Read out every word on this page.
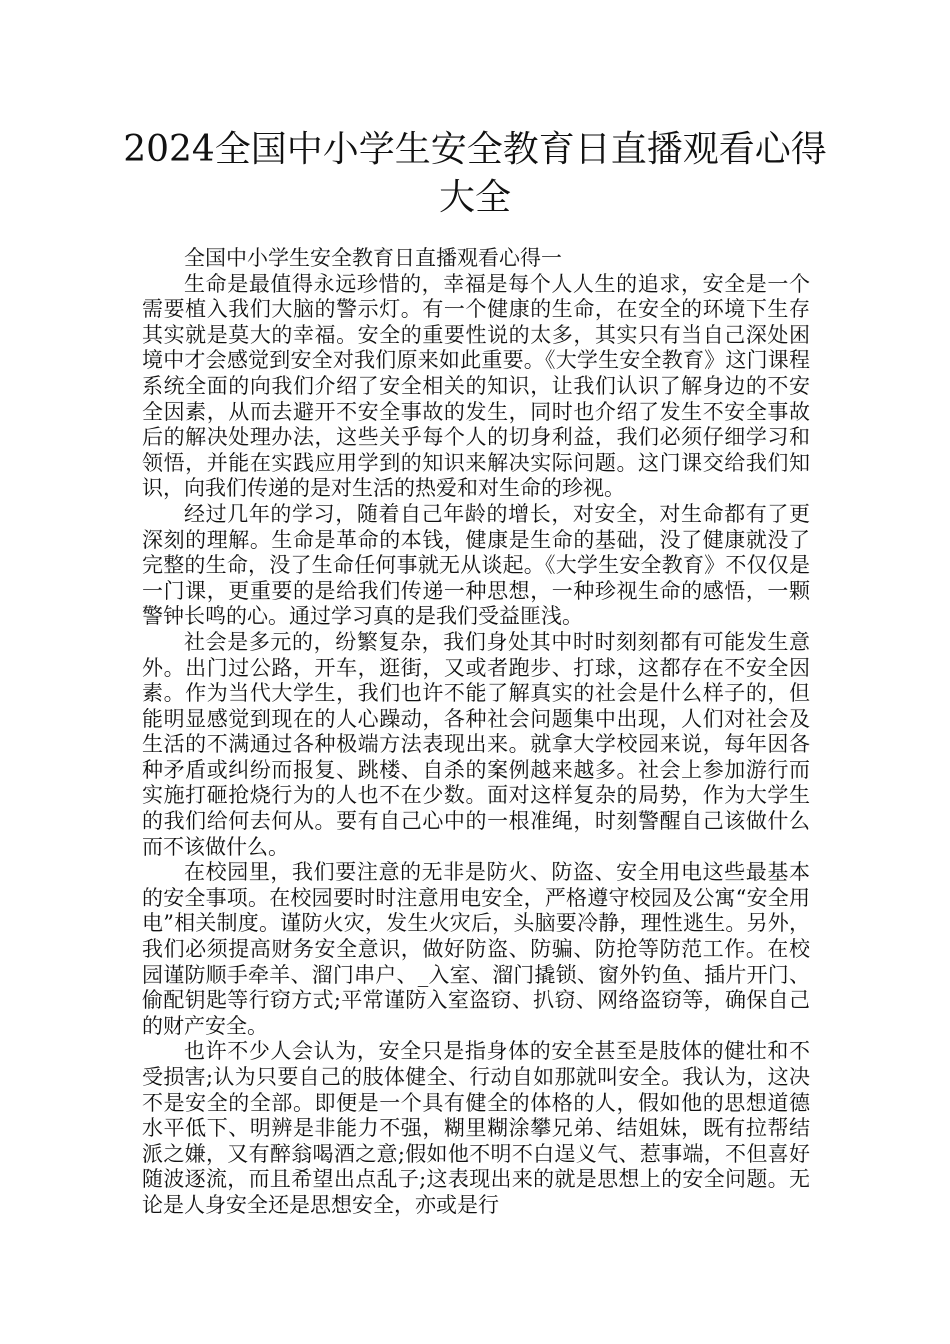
2024全国中小学生安全教育日直播观看心得大全

全国中小学生安全教育日直播观看心得一

生命是最值得永远珍惜的，幸福是每个人人生的追求，安全是一个需要植入我们大脑的警示灯。有一个健康的生命，在安全的环境下生存其实就是莫大的幸福。安全的重要性说的太多，其实只有当自己深处困境中才会感觉到安全对我们原来如此重要。《大学生安全教育》这门课程系统全面的向我们介绍了安全相关的知识，让我们认识了解身边的不安全因素，从而去避开不安全事故的发生，同时也介绍了发生不安全事故后的解决处理办法，这些关乎每个人的切身利益，我们必须仔细学习和领悟，并能在实践应用学到的知识来解决实际问题。这门课交给我们知识，向我们传递的是对生活的热爱和对生命的珍视。

经过几年的学习，随着自己年龄的增长，对安全，对生命都有了更深刻的理解。生命是革命的本钱，健康是生命的基础，没了健康就没了完整的生命，没了生命任何事就无从谈起。《大学生安全教育》不仅仅是一门课，更重要的是给我们传递一种思想，一种珍视生命的感悟，一颗警钟长鸣的心。通过学习真的是我们受益匪浅。

社会是多元的，纷繁复杂，我们身处其中时时刻刻都有可能发生意外。出门过公路，开车，逛街，又或者跑步、打球，这都存在不安全因素。作为当代大学生，我们也许不能了解真实的社会是什么样子的，但能明显感觉到现在的人心躁动，各种社会问题集中出现，人们对社会及生活的不满通过各种极端方法表现出来。就拿大学校园来说，每年因各种矛盾或纠纷而报复、跳楼、自杀的案例越来越多。社会上参加游行而实施打砸抢烧行为的人也不在少数。面对这样复杂的局势，作为大学生的我们给何去何从。要有自己心中的一根准绳，时刻警醒自己该做什么而不该做什么。

在校园里，我们要注意的无非是防火、防盗、安全用电这些最基本的安全事项。在校园要时时注意用电安全，严格遵守校园及公寓“安全用电”相关制度。谨防火灾，发生火灾后，头脑要冷静，理性逃生。另外，我们必须提高财务安全意识，做好防盗、防骗、防抢等防范工作。在校园谨防顺手牵羊、溜门串户、_入室、溜门撬锁、窗外钓鱼、插片开门、偷配钥匙等行窃方式;平常谨防入室盗窃、扒窃、网络盗窃等，确保自己的财产安全。

也许不少人会认为，安全只是指身体的安全甚至是肢体的健壮和不受损害;认为只要自己的肢体健全、行动自如那就叫安全。我认为，这决不是安全的全部。即便是一个具有健全的体格的人，假如他的思想道德水平低下、明辨是非能力不强，糊里糊涂攀兄弟、结姐妹，既有拉帮结派之嫌，又有醉翁喝酒之意;假如他不明不白逞义气、惹事端，不但喜好随波逐流，而且希望出点乱子;这表现出来的就是思想上的安全问题。无论是人身安全还是思想安全，亦或是行
